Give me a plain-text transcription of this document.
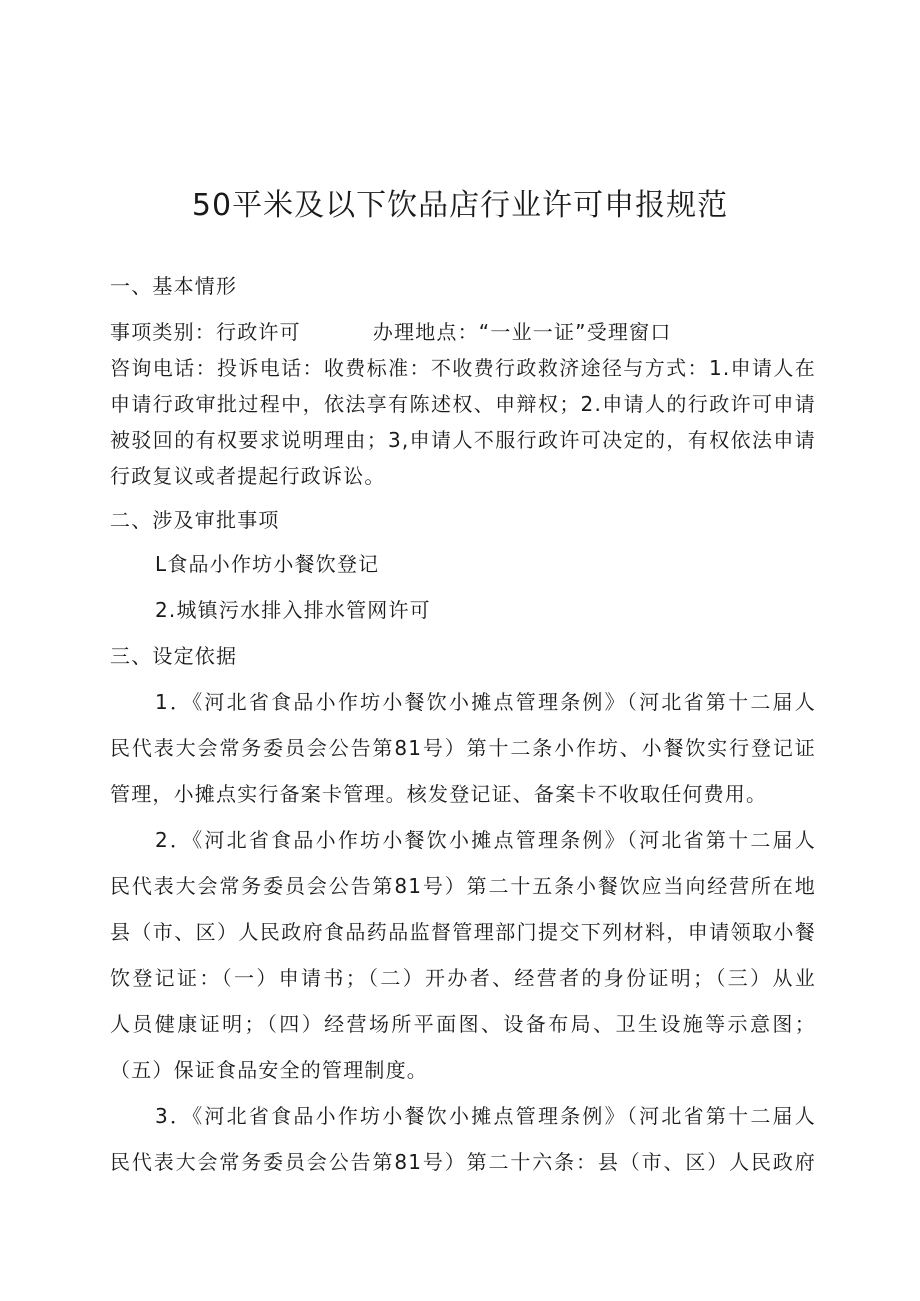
50平米及以下饮品店行业许可申报规范
一、基本情形
事项类别：行政许可	办理地点：“一业一证”受理窗口
咨询电话：投诉电话：收费标准：不收费行政救济途径与方式：1.申请人在
申请行政审批过程中，依法享有陈述权、申辩权；2.申请人的行政许可申请
被驳回的有权要求说明理由；3,申请人不服行政许可决定的，有权依法申请
行政复议或者提起行政诉讼。
二、涉及审批事项
L食品小作坊小餐饮登记
2.城镇污水排入排水管网许可
三、设定依据
1．《河北省食品小作坊小餐饮小摊点管理条例》（河北省第十二届人
民代表大会常务委员会公告第81号）第十二条小作坊、小餐饮实行登记证
管理，小摊点实行备案卡管理。核发登记证、备案卡不收取任何费用。
2．《河北省食品小作坊小餐饮小摊点管理条例》（河北省第十二届人
民代表大会常务委员会公告第81号）第二十五条小餐饮应当向经营所在地
县（市、区）人民政府食品药品监督管理部门提交下列材料，申请领取小餐
饮登记证：（一）申请书；（二）开办者、经营者的身份证明；（三）从业
人员健康证明；（四）经营场所平面图、设备布局、卫生设施等示意图；
（五）保证食品安全的管理制度。
3．《河北省食品小作坊小餐饮小摊点管理条例》（河北省第十二届人
民代表大会常务委员会公告第81号）第二十六条：县（市、区）人民政府
